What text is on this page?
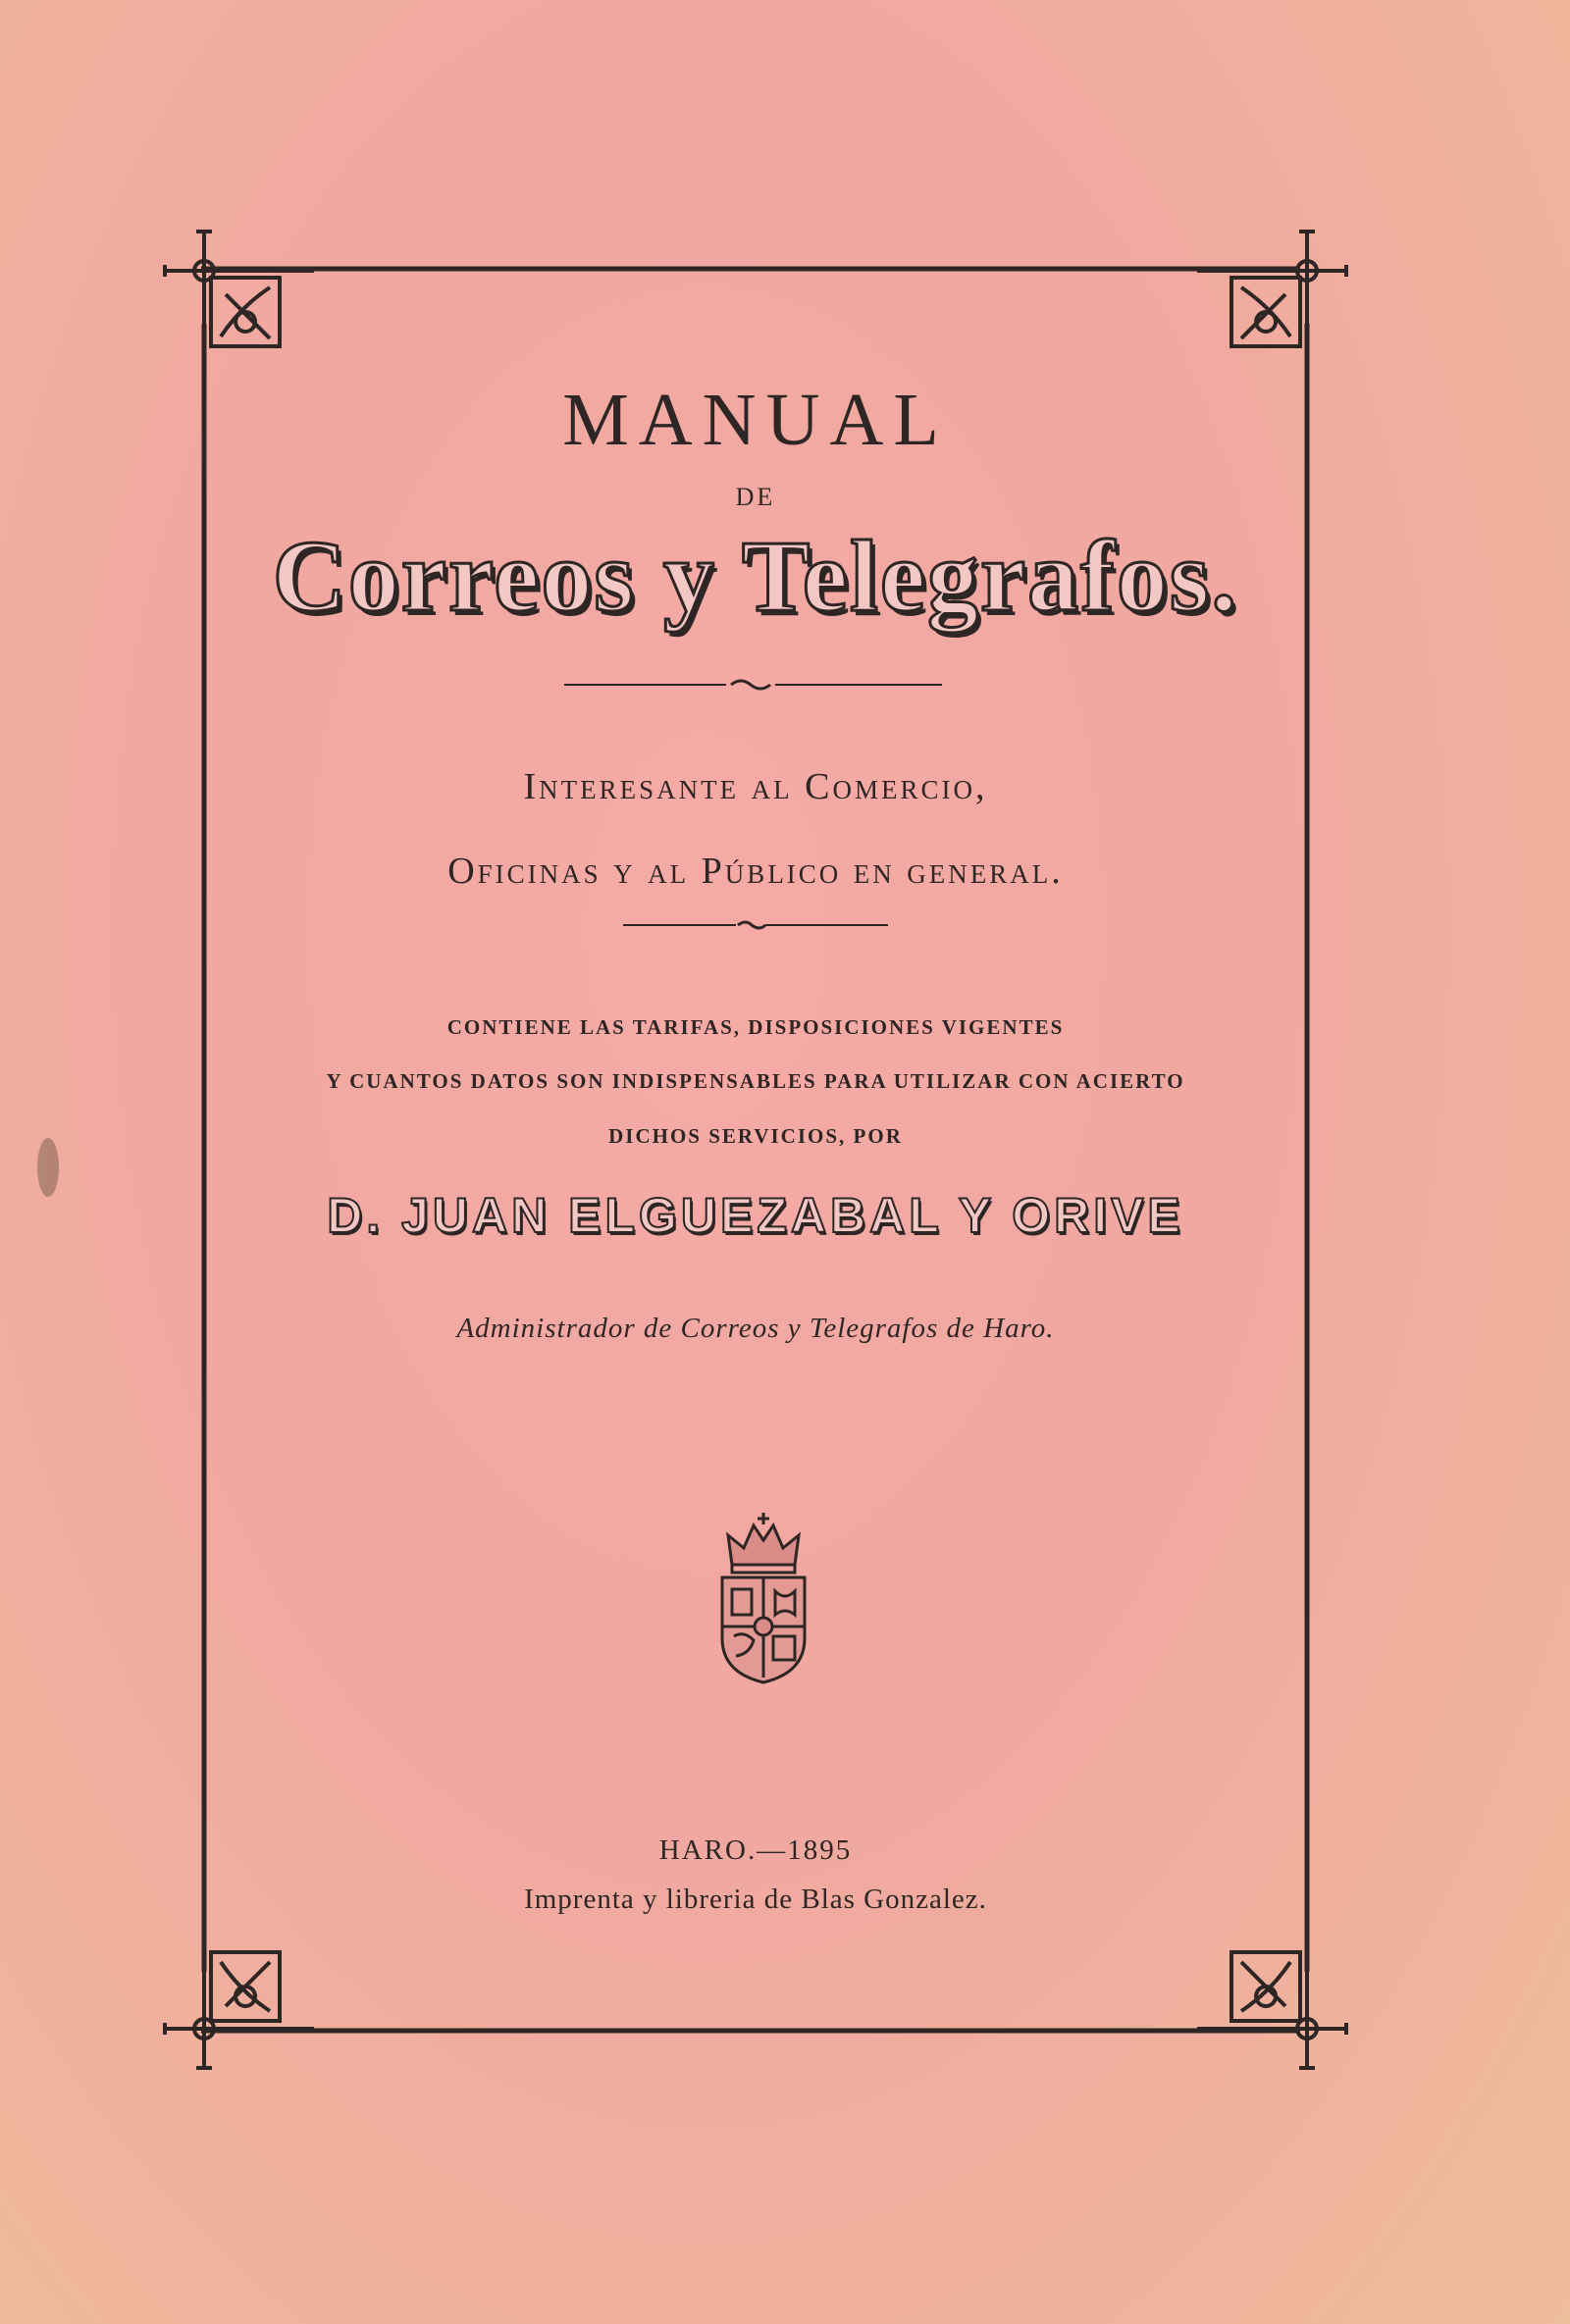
MANUAL
DE
Correos y Telegrafos.
Interesante al Comercio,
Oficinas y al Público en general.
CONTIENE LAS TARIFAS, DISPOSICIONES VIGENTES
Y CUANTOS DATOS SON INDISPENSABLES PARA UTILIZAR CON ACIERTO
DICHOS SERVICIOS, POR
D. JUAN ELGUEZABAL Y ORIVE
Administrador de Correos y Telegrafos de Haro.
HARO.—1895
Imprenta y libreria de Blas Gonzalez.
